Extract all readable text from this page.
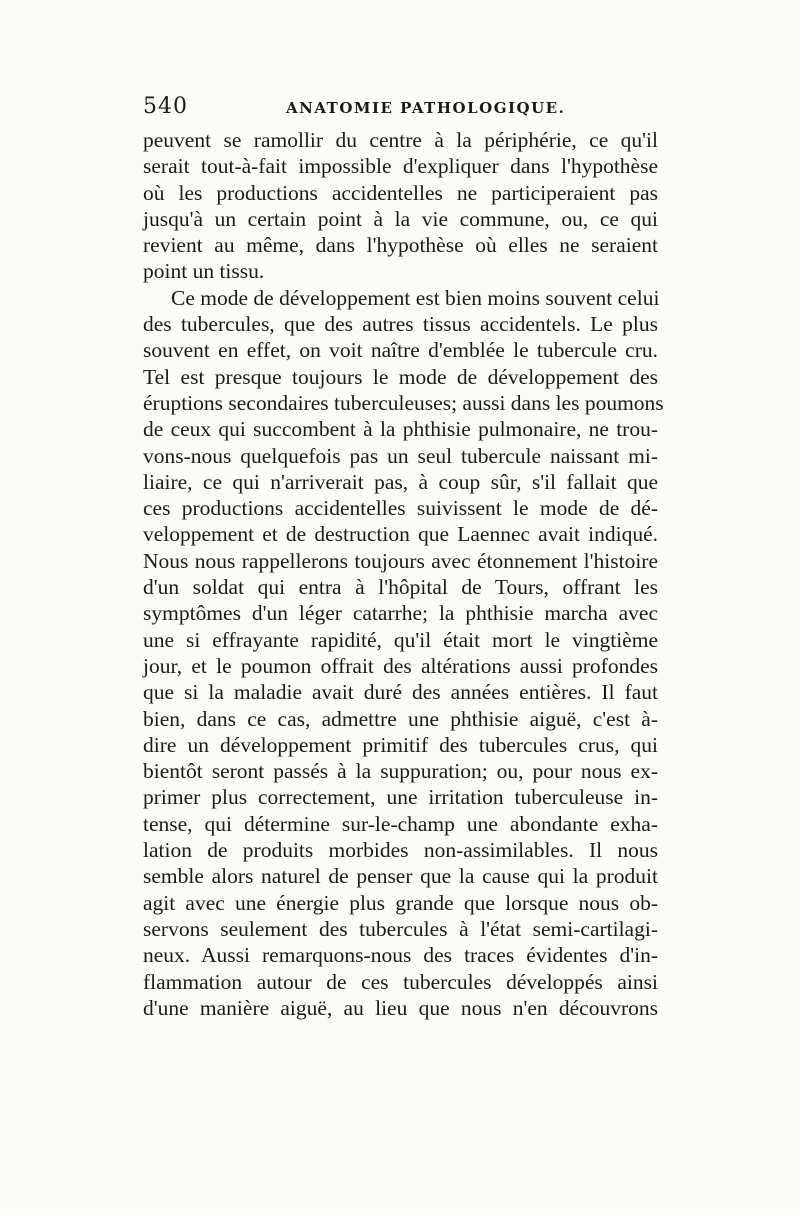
540	ANATOMIE PATHOLOGIQUE.
peuvent se ramollir du centre à la périphérie, ce qu'il
serait tout-à-fait impossible d'expliquer dans l'hypothèse
où les productions accidentelles ne participeraient pas
jusqu'à un certain point à la vie commune, ou, ce qui
revient au même, dans l'hypothèse où elles ne seraient
point un tissu.
Ce mode de développement est bien moins souvent celui
des tubercules, que des autres tissus accidentels. Le plus
souvent en effet, on voit naître d'emblée le tubercule cru.
Tel est presque toujours le mode de développement des
éruptions secondaires tuberculeuses; aussi dans les poumons
de ceux qui succombent à la phthisie pulmonaire, ne trou-
vons-nous quelquefois pas un seul tubercule naissant mi-
liaire, ce qui n'arriverait pas, à coup sûr, s'il fallait que
ces productions accidentelles suivissent le mode de dé-
veloppement et de destruction que Laennec avait indiqué.
Nous nous rappellerons toujours avec étonnement l'histoire
d'un soldat qui entra à l'hôpital de Tours, offrant les
symptômes d'un léger catarrhe; la phthisie marcha avec
une si effrayante rapidité, qu'il était mort le vingtième
jour, et le poumon offrait des altérations aussi profondes
que si la maladie avait duré des années entières. Il faut
bien, dans ce cas, admettre une phthisie aiguë, c'est à-
dire un développement primitif des tubercules crus, qui
bientôt seront passés à la suppuration; ou, pour nous ex-
primer plus correctement, une irritation tuberculeuse in-
tense, qui détermine sur-le-champ une abondante exha-
lation de produits morbides non-assimilables. Il nous
semble alors naturel de penser que la cause qui la produit
agit avec une énergie plus grande que lorsque nous ob-
servons seulement des tubercules à l'état semi-cartilagi-
neux. Aussi remarquons-nous des traces évidentes d'in-
flammation autour de ces tubercules développés ainsi
d'une manière aiguë, au lieu que nous n'en découvrons
